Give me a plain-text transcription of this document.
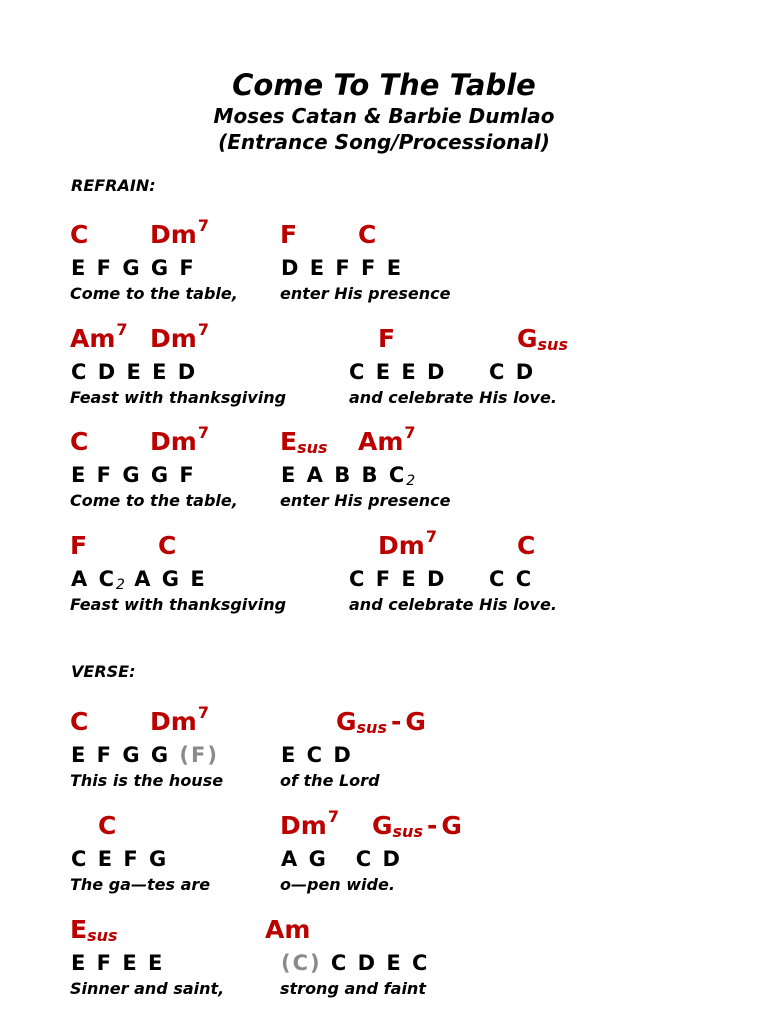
Come To The Table
Moses Catan & Barbie Dumlao
(Entrance Song/Processional)
REFRAIN:
C Dm$^7$	F C
E F G G F	D E F F E
Come to the table,	enter His presence
Am$^7$ Dm$^7$	F	$G_{sus}$
C D E E D	C E E D C D
Feast with thanksgiving	and celebrate His love.
C Dm$^7$	$E_{sus}$ Am$^7$
E F G G F	E A B B $C_2$
Come to the table,	enter His presence
F	C	Dm$^7$	C
A $C_2$ A G E	C F E D C C
Feast with thanksgiving	and celebrate His love.
VERSE:
C Dm$^7$	$G_{sus}$ - G
E F G G (F)	E C D
This is the house	of the Lord
C	Dm$^7$ $G_{sus}$ - G
C E F G	A G   C D
The ga—tes are	o—pen wide.
$E_{sus}$	Am
E F E E	(C) C D E C
Sinner and saint,	strong and faint
